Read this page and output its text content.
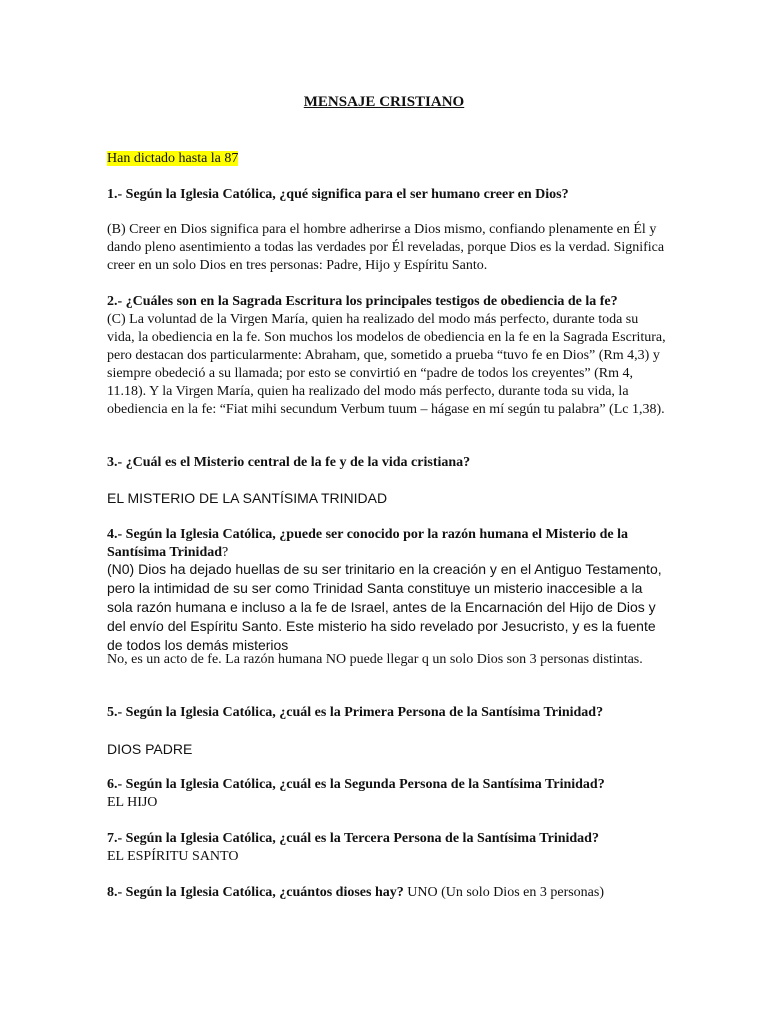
MENSAJE CRISTIANO

Han dictado hasta la 87

1.- Según la Iglesia Católica, ¿qué significa para el ser humano creer en Dios?

(B) Creer en Dios significa para el hombre adherirse a Dios mismo, confiando plenamente en Él y dando pleno asentimiento a todas las verdades por Él reveladas, porque Dios es la verdad. Significa creer en un solo Dios en tres personas: Padre, Hijo y Espíritu Santo.

2.- ¿Cuáles son en la Sagrada Escritura los principales testigos de obediencia de la fe?

(C) La voluntad de la Virgen María, quien ha realizado del modo más perfecto, durante toda su vida, la obediencia en la fe. Son muchos los modelos de obediencia en la fe en la Sagrada Escritura, pero destacan dos particularmente: Abraham, que, sometido a prueba “tuvo fe en Dios” (Rm 4,3) y siempre obedeció a su llamada; por esto se convirtió en “padre de todos los creyentes” (Rm 4, 11.18). Y la Virgen María, quien ha realizado del modo más perfecto, durante toda su vida, la obediencia en la fe: “Fiat mihi secundum Verbum tuum – hágase en mí según tu palabra” (Lc 1,38).

3.- ¿Cuál es el Misterio central de la fe y de la vida cristiana?

EL MISTERIO DE LA SANTÍSIMA TRINIDAD

4.- Según la Iglesia Católica, ¿puede ser conocido por la razón humana el Misterio de la Santísima Trinidad?

(N0) Dios ha dejado huellas de su ser trinitario en la creación y en el Antiguo Testamento, pero la intimidad de su ser como Trinidad Santa constituye un misterio inaccesible a la sola razón humana e incluso a la fe de Israel, antes de la Encarnación del Hijo de Dios y del envío del Espíritu Santo. Este misterio ha sido revelado por Jesucristo, y es la fuente de todos los demás misterios

No, es un acto de fe. La razón humana NO puede llegar q un solo Dios son 3 personas distintas.

5.- Según la Iglesia Católica, ¿cuál es la Primera Persona de la Santísima Trinidad?

DIOS PADRE

6.- Según la Iglesia Católica, ¿cuál es la Segunda Persona de la Santísima Trinidad?

EL HIJO

7.- Según la Iglesia Católica, ¿cuál es la Tercera Persona de la Santísima Trinidad?

EL ESPÍRITU SANTO

8.- Según la Iglesia Católica, ¿cuántos dioses hay? UNO (Un solo Dios en 3 personas)
